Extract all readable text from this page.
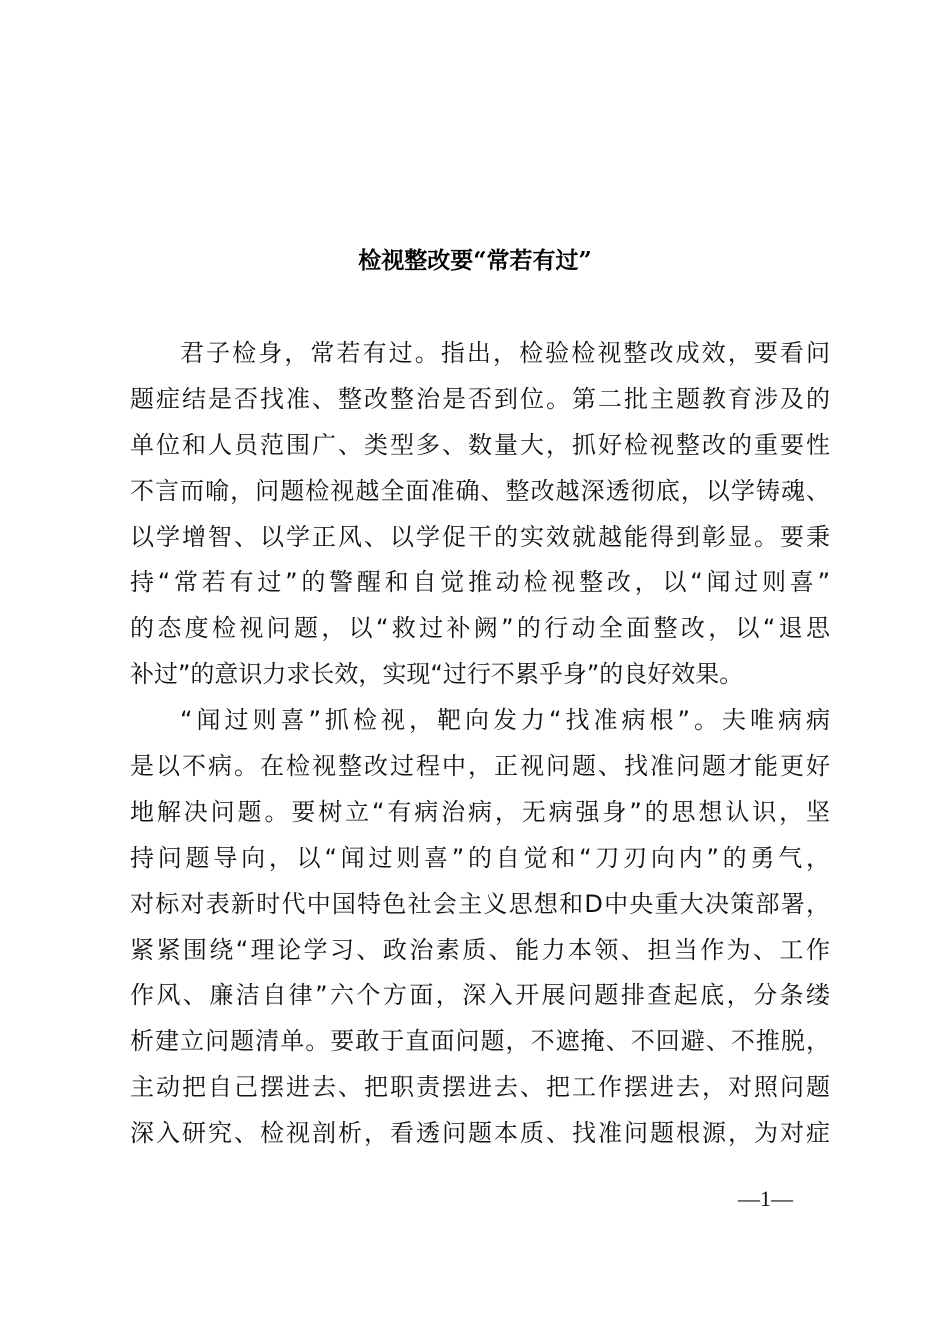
检视整改要“常若有过”
君子检身，常若有过。指出，检验检视整改成效，要看问
题症结是否找准、整改整治是否到位。第二批主题教育涉及的
单位和人员范围广、类型多、数量大，抓好检视整改的重要性
不言而喻，问题检视越全面准确、整改越深透彻底，以学铸魂、
以学增智、以学正风、以学促干的实效就越能得到彰显。要秉
持“常若有过”的警醒和自觉推动检视整改，以“闻过则喜”
的态度检视问题，以“救过补阙”的行动全面整改，以“退思
补过”的意识力求长效，实现“过行不累乎身”的良好效果。
“闻过则喜”抓检视，靶向发力“找准病根”。夫唯病病
是以不病。在检视整改过程中，正视问题、找准问题才能更好
地解决问题。要树立“有病治病，无病强身”的思想认识，坚
持问题导向，以“闻过则喜”的自觉和“刀刃向内”的勇气，
对标对表新时代中国特色社会主义思想和D中央重大决策部署，
紧紧围绕“理论学习、政治素质、能力本领、担当作为、工作
作风、廉洁自律”六个方面，深入开展问题排查起底，分条缕
析建立问题清单。要敢于直面问题，不遮掩、不回避、不推脱，
主动把自己摆进去、把职责摆进去、把工作摆进去，对照问题
深入研究、检视剖析，看透问题本质、找准问题根源，为对症
—1—
